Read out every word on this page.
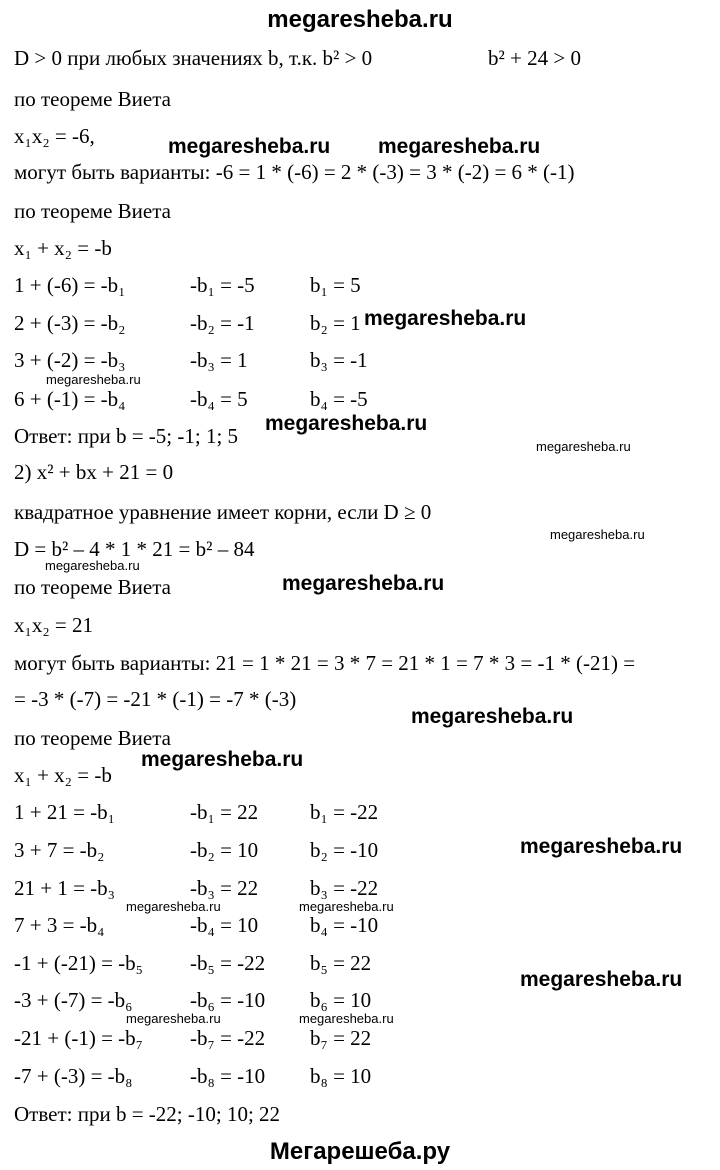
megaresheba.ru
Мегарешеба.ру
D > 0 при любых значениях b, т.к. b² > 0	b² + 24 > 0
по теореме Виета
x₁x₂ = -6,
могут быть варианты: -6 = 1 * (-6) = 2 * (-3) = 3 * (-2) = 6 * (-1)
по теореме Виета
x₁ + x₂ = -b
1 + (-6) = -b₁	-b₁ = -5	b₁ = 5
2 + (-3) = -b₂	-b₂ = -1	b₂ = 1
3 + (-2) = -b₃	-b₃ = 1	b₃ = -1
6 + (-1) = -b₄	-b₄ = 5	b₄ = -5
Ответ: при b = -5; -1; 1; 5
2) x² + bx + 21 = 0
квадратное уравнение имеет корни, если D ≥ 0
D = b² – 4 * 1 * 21 = b² – 84
по теореме Виета
x₁x₂ = 21
могут быть варианты: 21 = 1 * 21 = 3 * 7 = 21 * 1 = 7 * 3 = -1 * (-21) =
= -3 * (-7) = -21 * (-1) = -7 * (-3)
по теореме Виета
x₁ + x₂ = -b
1 + 21 = -b₁	-b₁ = 22 b₁ = -22
3 + 7 = -b₂	-b₂ = 10 b₂ = -10
21 + 1 = -b₃	-b₃ = 22 b₃ = -22
7 + 3 = -b₄	-b₄ = 10 b₄ = -10
-1 + (-21) = -b₅ -b₅ = -22 b₅ = 22
-3 + (-7) = -b₆	-b₆ = -10 b₆ = 10
-21 + (-1) = -b₇ -b₇ = -22 b₇ = 22
-7 + (-3) = -b₈	-b₈ = -10 b₈ = 10
Ответ: при b = -22; -10; 10; 22
megaresheba.ru megaresheba.ru
megaresheba.ru
megaresheba.ru
megaresheba.ru
megaresheba.ru
megaresheba.ru
megaresheba.ru
megaresheba.ru
megaresheba.ru
megaresheba.ru
megaresheba.ru
megaresheba.ru	megaresheba.ru
megaresheba.ru
megaresheba.ru	megaresheba.ru
